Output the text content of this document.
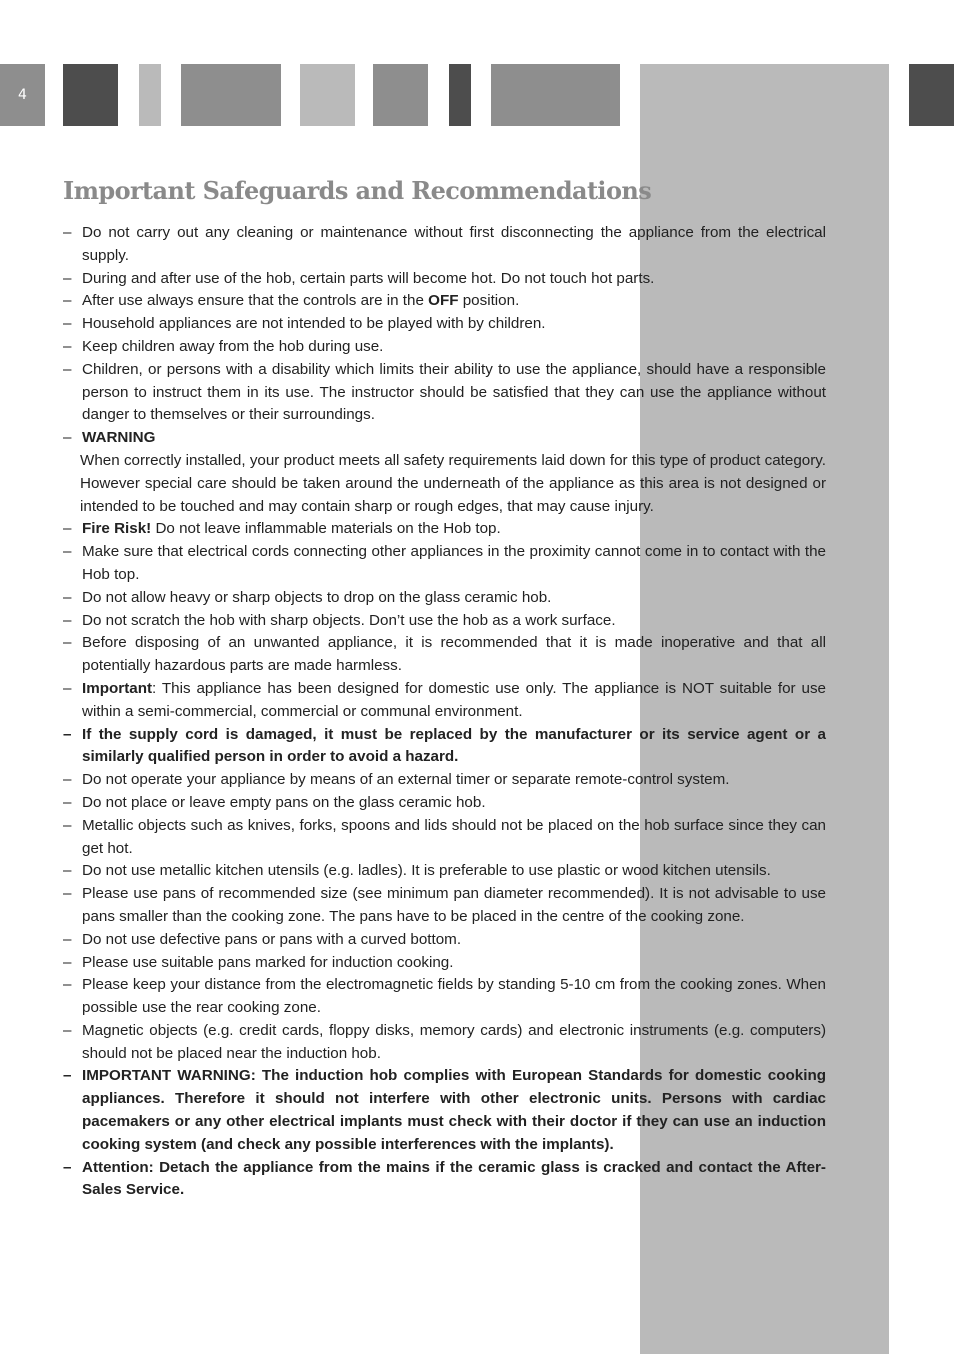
4
Important Safeguards and Recommendations
– Do not carry out any cleaning or maintenance without first disconnecting the appliance from the electrical supply.
– During and after use of the hob, certain parts will become hot. Do not touch hot parts.
– After use always ensure that the controls are in the OFF position.
– Household appliances are not intended to be played with by children.
– Keep children away from the hob during use.
– Children, or persons with a disability which limits their ability to use the appliance, should have a responsible person to instruct them in its use. The instructor should be satisfied that they can use the appliance without danger to themselves or their surroundings.
– WARNING
When correctly installed, your product meets all safety requirements laid down for this type of product category. However special care should be taken around the underneath of the appliance as this area is not designed or intended to be touched and may contain sharp or rough edges, that may cause injury.
– Fire Risk! Do not leave inflammable materials on the Hob top.
– Make sure that electrical cords connecting other appliances in the proximity cannot come in to contact with the Hob top.
– Do not allow heavy or sharp objects to drop on the glass ceramic hob.
– Do not scratch the hob with sharp objects. Don’t use the hob as a work surface.
– Before disposing of an unwanted appliance, it is recommended that it is made inoperative and that all potentially hazardous parts are made harmless.
– Important: This appliance has been designed for domestic use only. The appliance is NOT suitable for use within a semi-commercial, commercial or communal environment.
– If the supply cord is damaged, it must be replaced by the manufacturer or its service agent or a similarly qualified person in order to avoid a hazard.
– Do not operate your appliance by means of an external timer or separate remote-control system.
– Do not place or leave empty pans on the glass ceramic hob.
– Metallic objects such as knives, forks, spoons and lids should not be placed on the hob surface since they can get hot.
– Do not use metallic kitchen utensils (e.g. ladles). It is preferable to use plastic or wood kitchen utensils.
– Please use pans of recommended size (see minimum pan diameter recommended). It is not advisable to use pans smaller than the cooking zone. The pans have to be placed in the centre of the cooking zone.
– Do not use defective pans or pans with a curved bottom.
– Please use suitable pans marked for induction cooking.
– Please keep your distance from the electromagnetic fields by standing 5-10 cm from the cooking zones. When possible use the rear cooking zone.
– Magnetic objects (e.g. credit cards, floppy disks, memory cards) and electronic instruments (e.g. computers) should not be placed near the induction hob.
– IMPORTANT WARNING: The induction hob complies with European Standards for domestic cooking appliances. Therefore it should not interfere with other electronic units. Persons with cardiac pacemakers or any other electrical implants must check with their doctor if they can use an induction cooking system (and check any possible interferences with the implants).
– Attention: Detach the appliance from the mains if the ceramic glass is cracked and contact the After-Sales Service.
